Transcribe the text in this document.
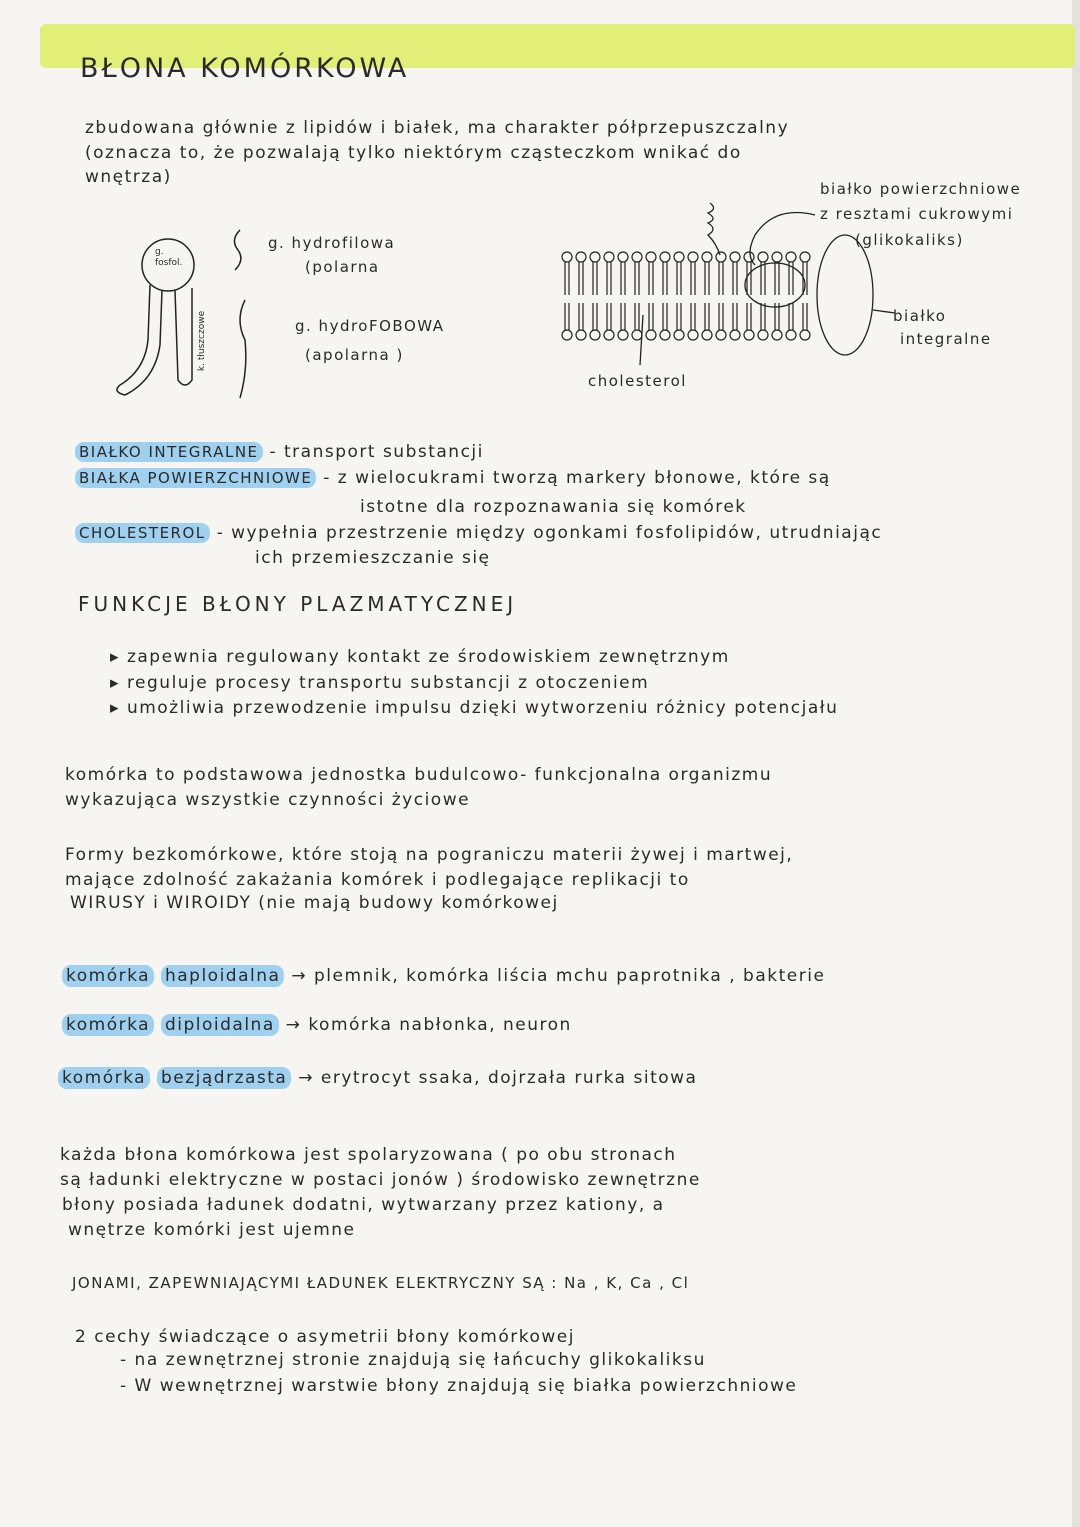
BŁONA KOMÓRKOWA
zbudowana głównie z lipidów i białek, ma charakter półprzepuszczalny
(oznacza to, że pozwalają tylko niektórym cząsteczkom wnikać do
wnętrza)
g.
fosfol.
k. tłuszczowe
g. hydrofilowa
(polarna
g. hydroFOBOWA
(apolarna )
białko powierzchniowe
z resztami cukrowymi
(glikokaliks)
białko
integralne
cholesterol
BIAŁKO INTEGRALNE - transport substancji
BIAŁKA POWIERZCHNIOWE - z wielocukrami tworzą markery błonowe, które są
istotne dla rozpoznawania się komórek
CHOLESTEROL - wypełnia przestrzenie między ogonkami fosfolipidów, utrudniając
ich przemieszczanie się
FUNKCJE BŁONY PLAZMATYCZNEJ
▸ zapewnia regulowany kontakt ze środowiskiem zewnętrznym
▸ reguluje procesy transportu substancji z otoczeniem
▸ umożliwia przewodzenie impulsu dzięki wytworzeniu różnicy potencjału
komórka to podstawowa jednostka budulcowo- funkcjonalna organizmu
wykazująca wszystkie czynności życiowe
Formy bezkomórkowe, które stoją na pograniczu materii żywej i martwej,
mające zdolność zakażania komórek i podlegające replikacji to
WIRUSY i WIROIDY (nie mają budowy komórkowej
komórka haploidalna → plemnik, komórka liścia mchu paprotnika , bakterie
komórka diploidalna → komórka nabłonka, neuron
komórka bezjądrzasta → erytrocyt ssaka, dojrzała rurka sitowa
każda błona komórkowa jest spolaryzowana ( po obu stronach
są ładunki elektryczne w postaci jonów ) środowisko zewnętrzne
błony posiada ładunek dodatni, wytwarzany przez kationy, a
wnętrze komórki jest ujemne
JONAMI, ZAPEWNIAJĄCYMI ŁADUNEK ELEKTRYCZNY SĄ : Na , K, Ca , Cl
2 cechy świadczące o asymetrii błony komórkowej
- na zewnętrznej stronie znajdują się łańcuchy glikokaliksu
- W wewnętrznej warstwie błony znajdują się białka powierzchniowe
